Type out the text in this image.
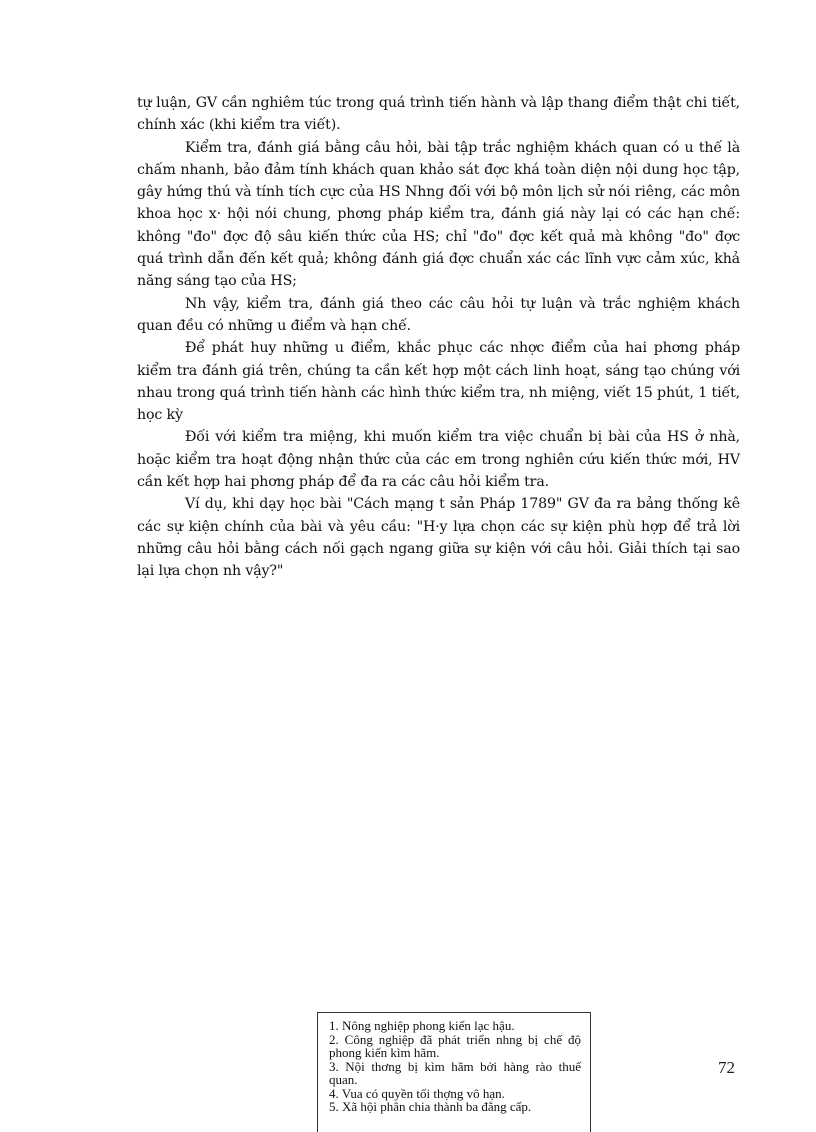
tự luận, GV cần nghiêm túc trong quá trình tiến hành và lập thang điểm thật chi tiết, chính xác (khi kiểm tra viết).

Kiểm tra, đánh giá bằng câu hỏi, bài tập trắc nghiệm khách quan có u thế là chấm nhanh, bảo đảm tính khách quan khảo sát đợc khá toàn diện nội dung học tập, gây hứng thú và tính tích cực của HS Nhng đối với bộ môn lịch sử nói riêng, các môn khoa học x· hội nói chung, phơng pháp kiểm tra, đánh giá này lại có các hạn chế: không "đo" đợc độ sâu kiến thức của HS; chỉ "đo" đợc kết quả mà không "đo" đợc quá trình dẫn đến kết quả; không đánh giá đợc chuẩn xác các lĩnh vực cảm xúc, khả năng sáng tạo của HS;

Nh vậy, kiểm tra, đánh giá theo các câu hỏi tự luận và trắc nghiệm khách quan đều có những u điểm và hạn chế.

Để phát huy những u điểm, khắc phục các nhợc điểm của hai phơng pháp kiểm tra đánh giá trên, chúng ta cần kết hợp một cách linh hoạt, sáng tạo chúng với nhau trong quá trình tiến hành các hình thức kiểm tra, nh miệng, viết 15 phút, 1 tiết, học kỳ

Đối với kiểm tra miệng, khi muốn kiểm tra việc chuẩn bị bài của HS ở nhà, hoặc kiểm tra hoạt động nhận thức của các em trong nghiên cứu kiến thức mới, HV cần kết hợp hai phơng pháp để đa ra các câu hỏi kiểm tra.

Ví dụ, khi dạy học bài "Cách mạng t sản Pháp 1789" GV đa ra bảng thống kê các sự kiện chính của bài và yêu cầu: "H·y lựa chọn các sự kiện phù hợp để trả lời những câu hỏi bằng cách nối gạch ngang giữa sự kiện với câu hỏi. Giải thích tại sao lại lựa chọn nh vậy?"

1. Nông nghiệp phong kiến lạc hậu.
2. Công nghiệp đã phát triển nhng bị chế độ phong kiến kìm hãm.
3. Nội thơng bị kìm hãm bởi hàng rào thuế quan.
4. Vua có quyền tối thợng vô hạn.
5. Xã hội phân chia thành ba đẳng cấp.
72
